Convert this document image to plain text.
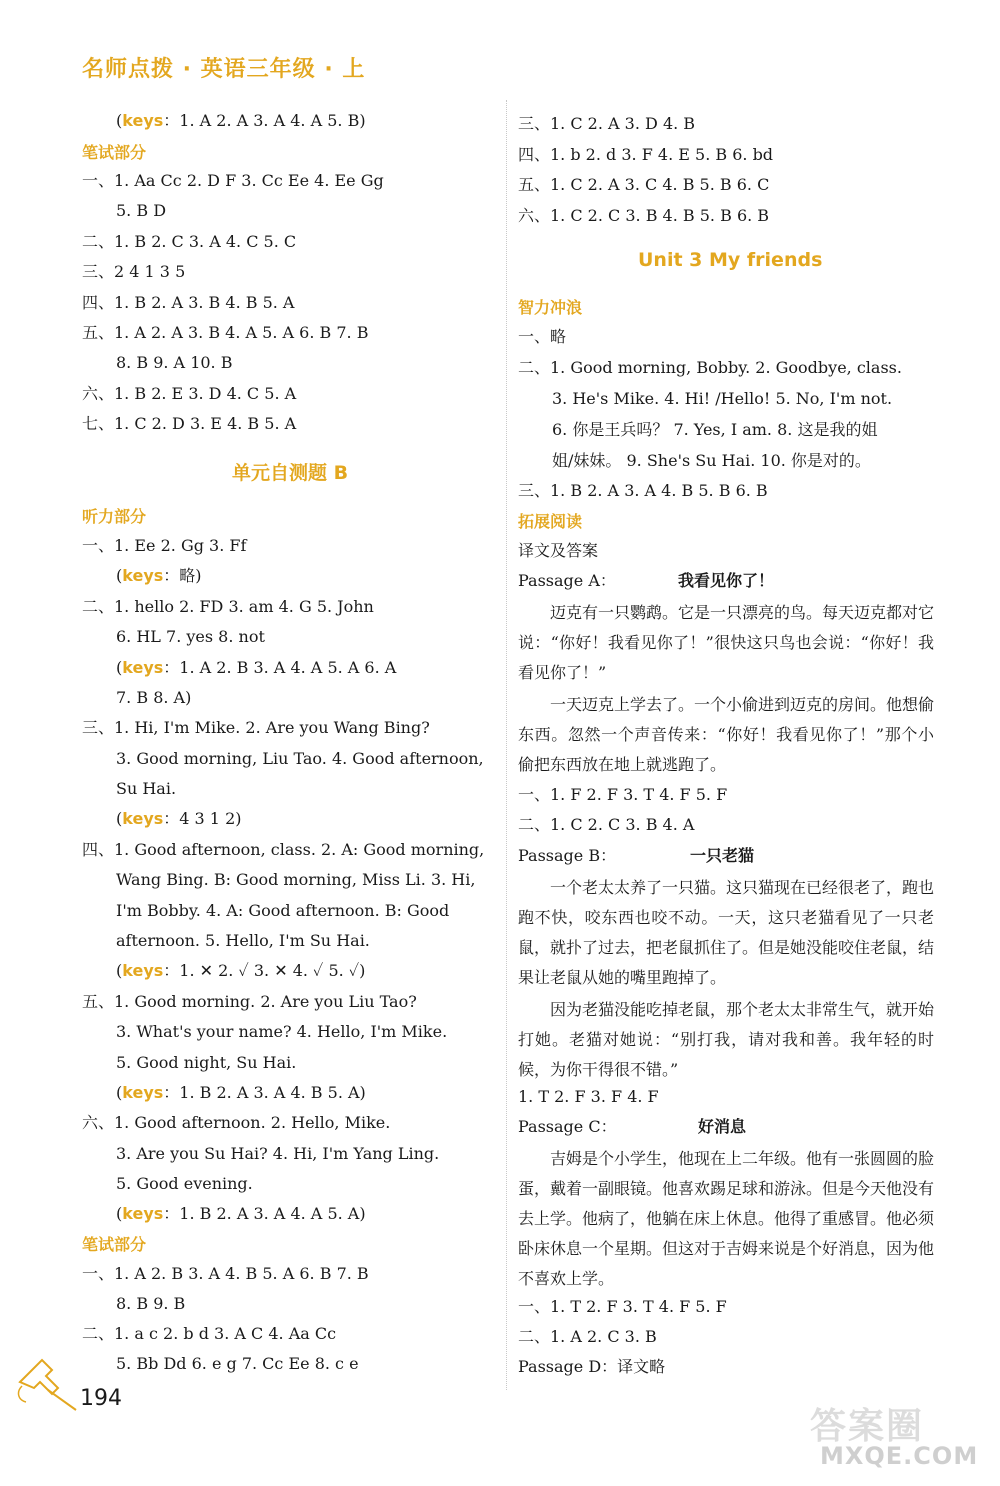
名师点拨 · 英语三年级 · 上
(keys：1. A 2. A 3. A 4. A 5. B)
笔试部分
一、1. Aa Cc 2. D F 3. Cc Ee 4. Ee Gg
5. B D
二、1. B 2. C 3. A 4. C 5. C
三、2 4 1 3 5
四、1. B 2. A 3. B 4. B 5. A
五、1. A 2. A 3. B 4. A 5. A 6. B 7. B
8. B 9. A 10. B
六、1. B 2. E 3. D 4. C 5. A
七、1. C 2. D 3. E 4. B 5. A
单元自测题 B
听力部分
一、1. Ee 2. Gg 3. Ff
(keys：略)
二、1. hello 2. FD 3. am 4. G 5. John
6. HL 7. yes 8. not
(keys：1. A 2. B 3. A 4. A 5. A 6. A
7. B 8. A)
三、1. Hi, I'm Mike. 2. Are you Wang Bing?
3. Good morning, Liu Tao. 4. Good afternoon,
Su Hai.
(keys：4 3 1 2)
四、1. Good afternoon, class. 2. A: Good morning,
Wang Bing. B: Good morning, Miss Li. 3. Hi,
I'm Bobby. 4. A: Good afternoon. B: Good
afternoon. 5. Hello, I'm Su Hai.
(keys：1. ✕ 2. ✓ 3. ✕ 4. ✓ 5. ✓)
五、1. Good morning. 2. Are you Liu Tao?
3. What's your name? 4. Hello, I'm Mike.
5. Good night, Su Hai.
(keys：1. B 2. A 3. A 4. B 5. A)
六、1. Good afternoon. 2. Hello, Mike.
3. Are you Su Hai? 4. Hi, I'm Yang Ling.
5. Good evening.
(keys：1. B 2. A 3. A 4. A 5. A)
笔试部分
一、1. A 2. B 3. A 4. B 5. A 6. B 7. B
8. B 9. B
二、1. a c 2. b d 3. A C 4. Aa Cc
5. Bb Dd 6. e g 7. Cc Ee 8. c e
三、1. C 2. A 3. D 4. B
四、1. b 2. d 3. F 4. E 5. B 6. bd
五、1. C 2. A 3. C 4. B 5. B 6. C
六、1. C 2. C 3. B 4. B 5. B 6. B
Unit 3 My friends
智力冲浪
一、略
二、1. Good morning, Bobby. 2. Goodbye, class.
3. He's Mike. 4. Hi! /Hello! 5. No, I'm not.
6. 你是王兵吗？ 7. Yes, I am. 8. 这是我的姐
姐/妹妹。 9. She's Su Hai. 10. 你是对的。
三、1. B 2. A 3. A 4. B 5. B 6. B
拓展阅读
译文及答案
Passage A：	我看见你了！
迈克有一只鹦鹉。它是一只漂亮的鸟。每天迈克都对它说：“你好！我看见你了！”很快这只鸟也会说：“你好！我看见你了！”
一天迈克上学去了。一个小偷进到迈克的房间。他想偷东西。忽然一个声音传来：“你好！我看见你了！”那个小偷把东西放在地上就逃跑了。
一、1. F 2. F 3. T 4. F 5. F
二、1. C 2. C 3. B 4. A
Passage B：	一只老猫
一个老太太养了一只猫。这只猫现在已经很老了，跑也跑不快，咬东西也咬不动。一天，这只老猫看见了一只老鼠，就扑了过去，把老鼠抓住了。但是她没能咬住老鼠，结果让老鼠从她的嘴里跑掉了。
因为老猫没能吃掉老鼠，那个老太太非常生气，就开始打她。老猫对她说：“别打我，请对我和善。我年轻的时候，为你干得很不错。”
1. T 2. F 3. F 4. F
Passage C：	好消息
吉姆是个小学生，他现在上二年级。他有一张圆圆的脸蛋，戴着一副眼镜。他喜欢踢足球和游泳。但是今天他没有去上学。他病了，他躺在床上休息。他得了重感冒。他必须卧床休息一个星期。但这对于吉姆来说是个好消息，因为他不喜欢上学。
一、1. T 2. F 3. T 4. F 5. F
二、1. A 2. C 3. B
Passage D：译文略
194
答案圈
MXQE.COM
